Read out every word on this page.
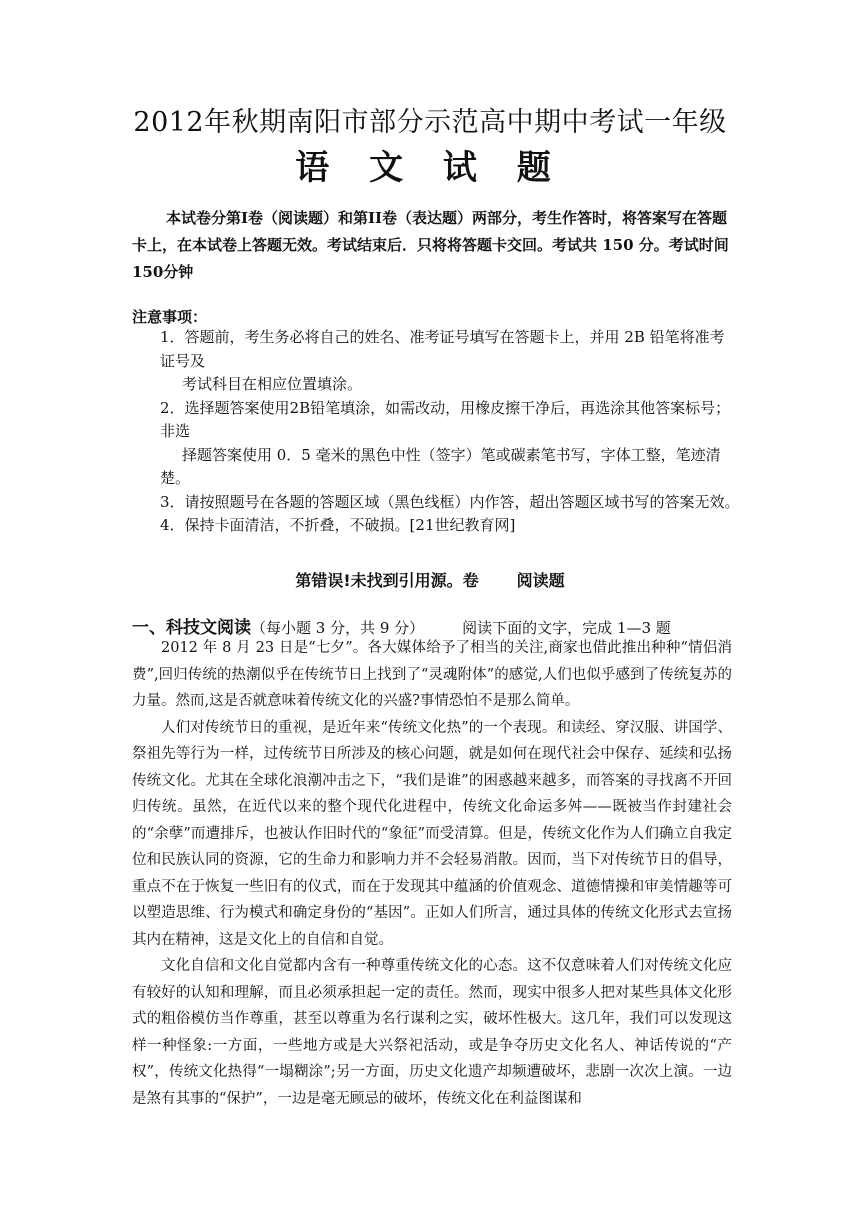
2012年秋期南阳市部分示范高中期中考试一年级
语 文 试 题
本试卷分第I卷（阅读题）和第II卷（表达题）两部分，考生作答时，将答案写在答题卡上，在本试卷上答题无效。考试结束后．只将将答题卡交回。考试共 150 分。考试时间150分钟
注意事项：
1．答题前，考生务必将自己的姓名、准考证号填写在答题卡上，并用 2B 铅笔将准考
证号及
考试科目在相应位置填涂。
2．选择题答案使用2B铅笔填涂，如需改动，用橡皮擦干净后，再选涂其他答案标号；
非选
择题答案使用 0．5 毫米的黑色中性（签字）笔或碳素笔书写，字体工整，笔迹清楚。
3．请按照题号在各题的答题区域（黑色线框）内作答，超出答题区域书写的答案无效。
4．保持卡面清洁，不折叠，不破损。[21世纪教育网]
第错误!未找到引用源。卷 阅读题
一、科技文阅读（每小题 3 分，共 9 分）	阅读下面的文字，完成 1—3 题

2012 年 8 月 23 日是“七夕”。各大媒体给予了相当的关注,商家也借此推出种种“情侣消费”,回归传统的热潮似乎在传统节日上找到了“灵魂附体”的感觉,人们也似乎感到了传统复苏的力量。然而,这是否就意味着传统文化的兴盛?事情恐怕不是那么简单。

人们对传统节日的重视，是近年来“传统文化热”的一个表现。和读经、穿汉服、讲国学、祭祖先等行为一样，过传统节日所涉及的核心问题，就是如何在现代社会中保存、延续和弘扬传统文化。尤其在全球化浪潮冲击之下，“我们是谁”的困惑越来越多，而答案的寻找离不开回归传统。虽然，在近代以来的整个现代化进程中，传统文化命运多舛——既被当作封建社会的“余孽”而遭排斥，也被认作旧时代的“象征”而受清算。但是，传统文化作为人们确立自我定位和民族认同的资源，它的生命力和影响力并不会轻易消散。因而，当下对传统节日的倡导，重点不在于恢复一些旧有的仪式，而在于发现其中蕴涵的价值观念、道德情操和审美情趣等可以塑造思维、行为模式和确定身份的“基因”。正如人们所言，通过具体的传统文化形式去宣扬其内在精神，这是文化上的自信和自觉。

文化自信和文化自觉都内含有一种尊重传统文化的心态。这不仅意味着人们对传统文化应有较好的认知和理解，而且必须承担起一定的责任。然而，现实中很多人把对某些具体文化形式的粗俗模仿当作尊重，甚至以尊重为名行谋利之实，破坏性极大。这几年，我们可以发现这样一种怪象:一方面，一些地方或是大兴祭祀活动，或是争夺历史文化名人、神话传说的“产权”，传统文化热得“一塌糊涂”;另一方面，历史文化遗产却频遭破坏，悲剧一次次上演。一边是煞有其事的“保护”，一边是毫无顾忌的破坏，传统文化在利益图谋和
